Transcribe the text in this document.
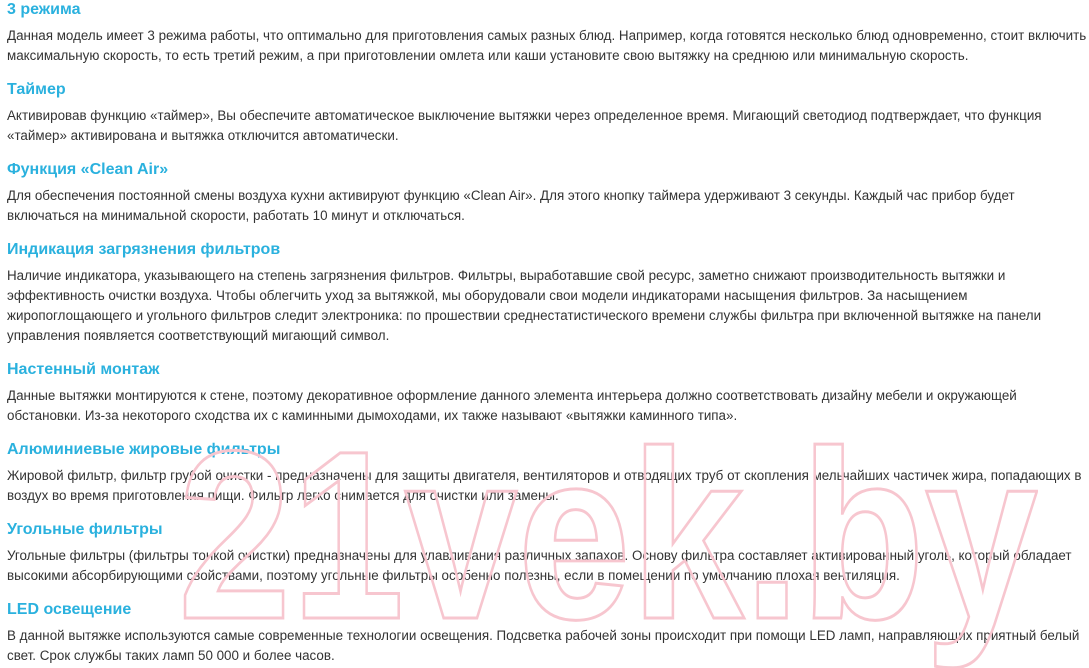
3 режима

Данная модель имеет 3 режима работы, что оптимально для приготовления самых разных блюд. Например, когда готовятся несколько блюд одновременно, стоит включить максимальную скорость, то есть третий режим, а при приготовлении омлета или каши установите свою вытяжку на среднюю или минимальную скорость.

Таймер

Активировав функцию «таймер», Вы обеспечите автоматическое выключение вытяжки через определенное время. Мигающий светодиод подтверждает, что функция «таймер» активирована и вытяжка отключится автоматически.

Функция «Clean Air»

Для обеспечения постоянной смены воздуха кухни активируют функцию «Clean Air». Для этого кнопку таймера удерживают 3 секунды. Каждый час прибор будет включаться на минимальной скорости, работать 10 минут и отключаться.

Индикация загрязнения фильтров

Наличие индикатора, указывающего на степень загрязнения фильтров. Фильтры, выработавшие свой ресурс, заметно снижают производительность вытяжки и эффективность очистки воздуха. Чтобы облегчить уход за вытяжкой, мы оборудовали свои модели индикаторами насыщения фильтров. За насыщением жиропоглощающего и угольного фильтров следит электроника: по прошествии среднестатистического времени службы фильтра при включенной вытяжке на панели управления появляется соответствующий мигающий символ.

Настенный монтаж

Данные вытяжки монтируются к стене, поэтому декоративное оформление данного элемента интерьера должно соответствовать дизайну мебели и окружающей обстановки. Из-за некоторого сходства их с каминными дымоходами, их также называют «вытяжки каминного типа».

Алюминиевые жировые фильтры

Жировой фильтр, фильтр грубой очистки - предназначены для защиты двигателя, вентиляторов и отводящих труб от скопления мельчайших частичек жира, попадающих в воздух во время приготовления пищи. Фильтр легко снимается для очистки или замены.

Угольные фильтры

Угольные фильтры (фильтры тонкой очистки) предназначены для улавливания различных запахов. Основу фильтра составляет активированный уголь, который обладает высокими абсорбирующими свойствами, поэтому угольные фильтры особенно полезны, если в помещении по умолчанию плохая вентиляция.

LED освещение

В данной вытяжке используются самые современные технологии освещения. Подсветка рабочей зоны происходит при помощи LED ламп, направляющих приятный белый свет. Срок службы таких ламп 50 000 и более часов.

21vek.by
